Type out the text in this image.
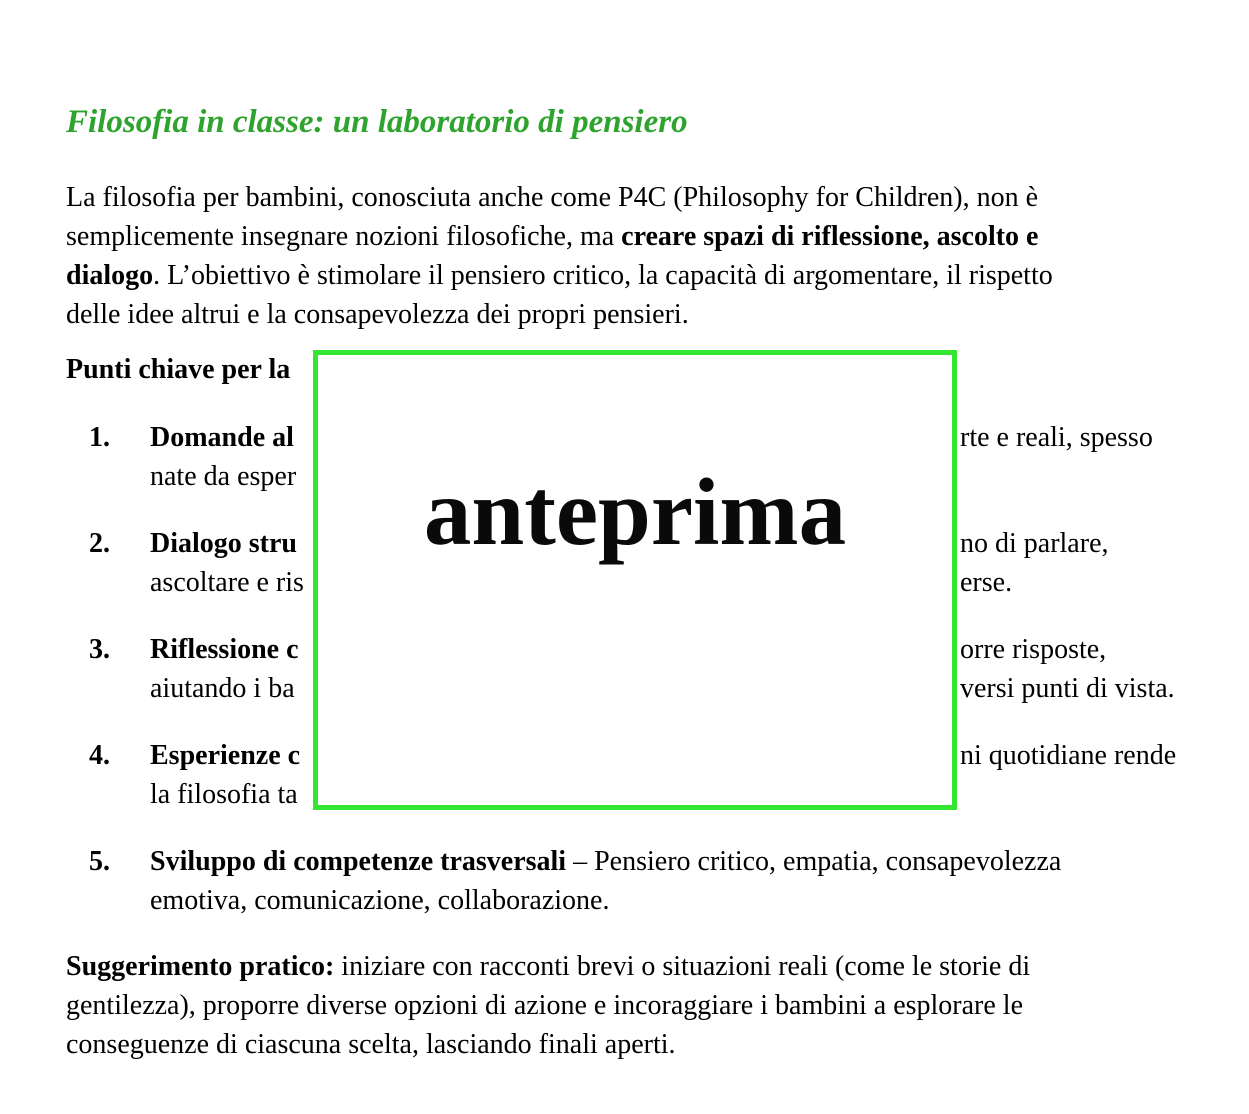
Filosofia in classe: un laboratorio di pensiero
La filosofia per bambini, conosciuta anche come P4C (Philosophy for Children), non è
semplicemente insegnare nozioni filosofiche, ma creare spazi di riflessione, ascolto e
dialogo. L’obiettivo è stimolare il pensiero critico, la capacità di argomentare, il rispetto
delle idee altrui e la consapevolezza dei propri pensieri.
Punti chiave per la
1. Domande al
nate da esper
rte e reali, spesso
2. Dialogo stru
ascoltare e ris
no di parlare,
erse.
3. Riflessione c
aiutando i ba
orre risposte,
versi punti di vista.
4. Esperienze c
la filosofia ta
ni quotidiane rende
5. Sviluppo di competenze trasversali – Pensiero critico, empatia, consapevolezza
emotiva, comunicazione, collaborazione.
Suggerimento pratico: iniziare con racconti brevi o situazioni reali (come le storie di
gentilezza), proporre diverse opzioni di azione e incoraggiare i bambini a esplorare le
conseguenze di ciascuna scelta, lasciando finali aperti.
anteprima
